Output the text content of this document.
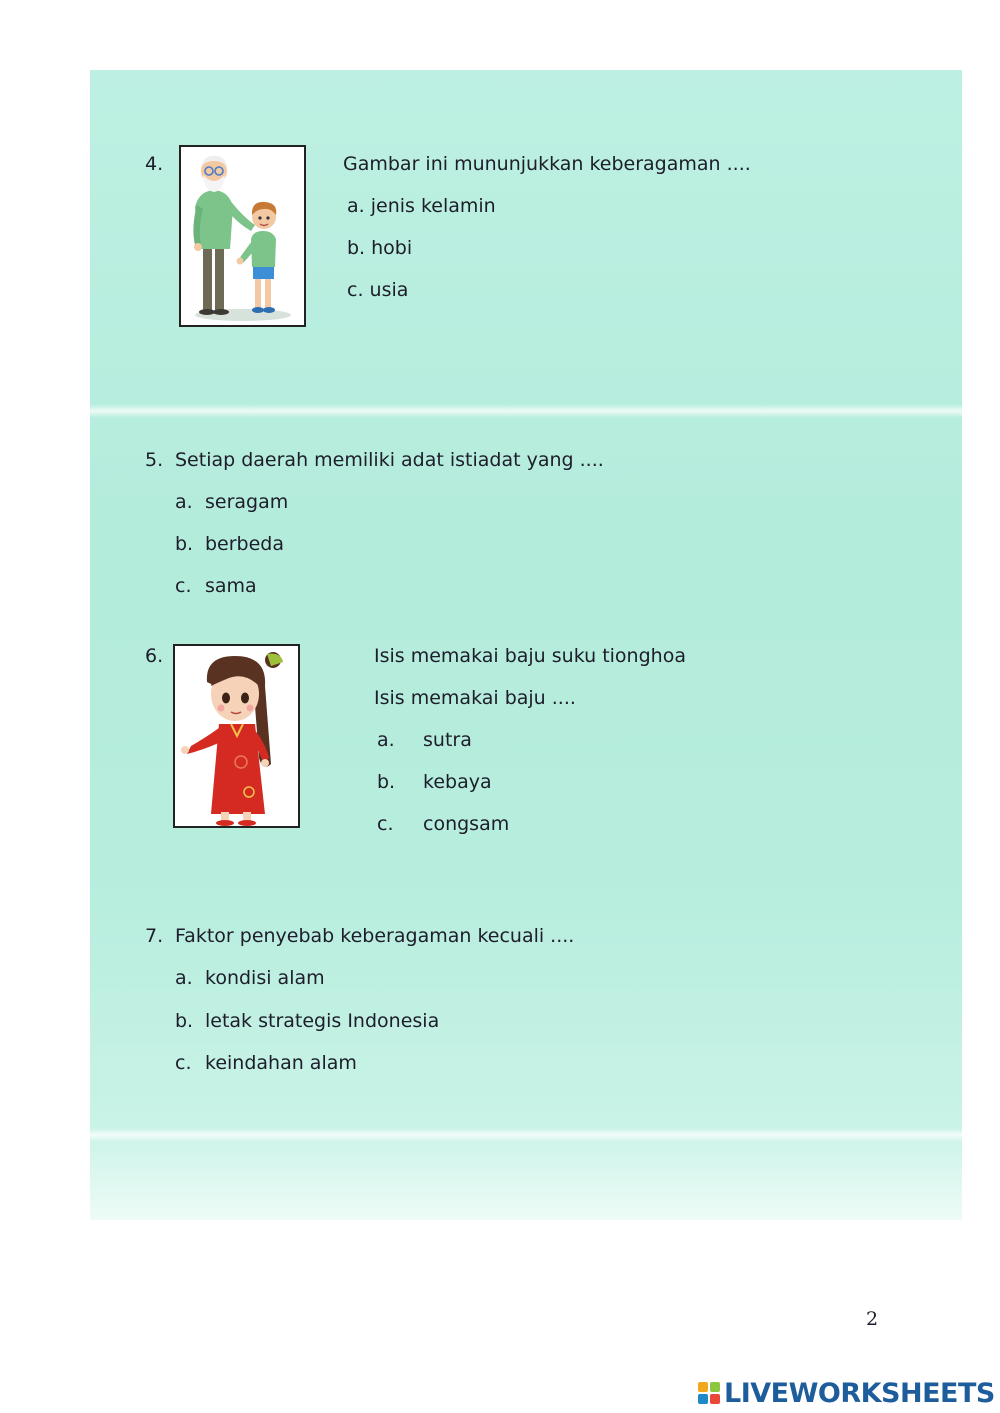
4.	Gambar ini mununjukkan keberagaman ....
a. jenis kelamin
b. hobi
c. usia
5. Setiap daerah memiliki adat istiadat yang ....
a. seragam
b. berbeda
c. sama
6.	Isis memakai baju suku tionghoa
Isis memakai baju ....
a. sutra
b. kebaya
c. congsam
7. Faktor penyebab keberagaman kecuali ....
a. kondisi alam
b. letak strategis Indonesia
c. keindahan alam
2
LIVEWORKSHEETS
